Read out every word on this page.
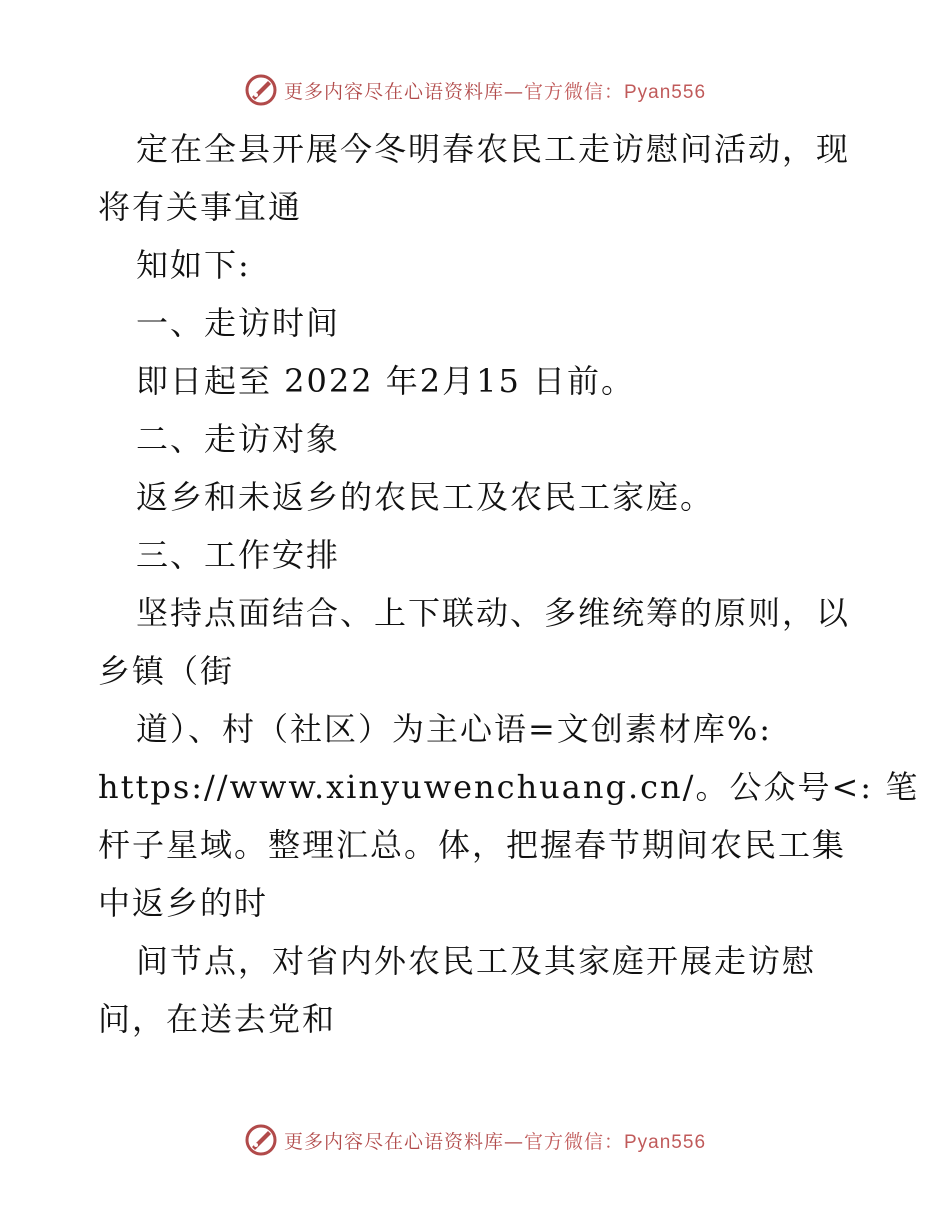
更多内容尽在心语资料库—官方微信：Pyan556
定在全县开展今冬明春农民工走访慰问活动，现
将有关事宜通
知如下:
一、走访时间
即日起至 2022 年2月15 日前。
二、走访对象
返乡和未返乡的农民工及农民工家庭。
三、工作安排
坚持点面结合、上下联动、多维统筹的原则，以
乡镇（街
道）、村（社区）为主心语=文创素材库%:
https://www.xinyuwenchuang.cn/。公众号<: 笔
杆子星域。整理汇总。体，把握春节期间农民工集
中返乡的时
间节点，对省内外农民工及其家庭开展走访慰
问，在送去党和
更多内容尽在心语资料库—官方微信：Pyan556
